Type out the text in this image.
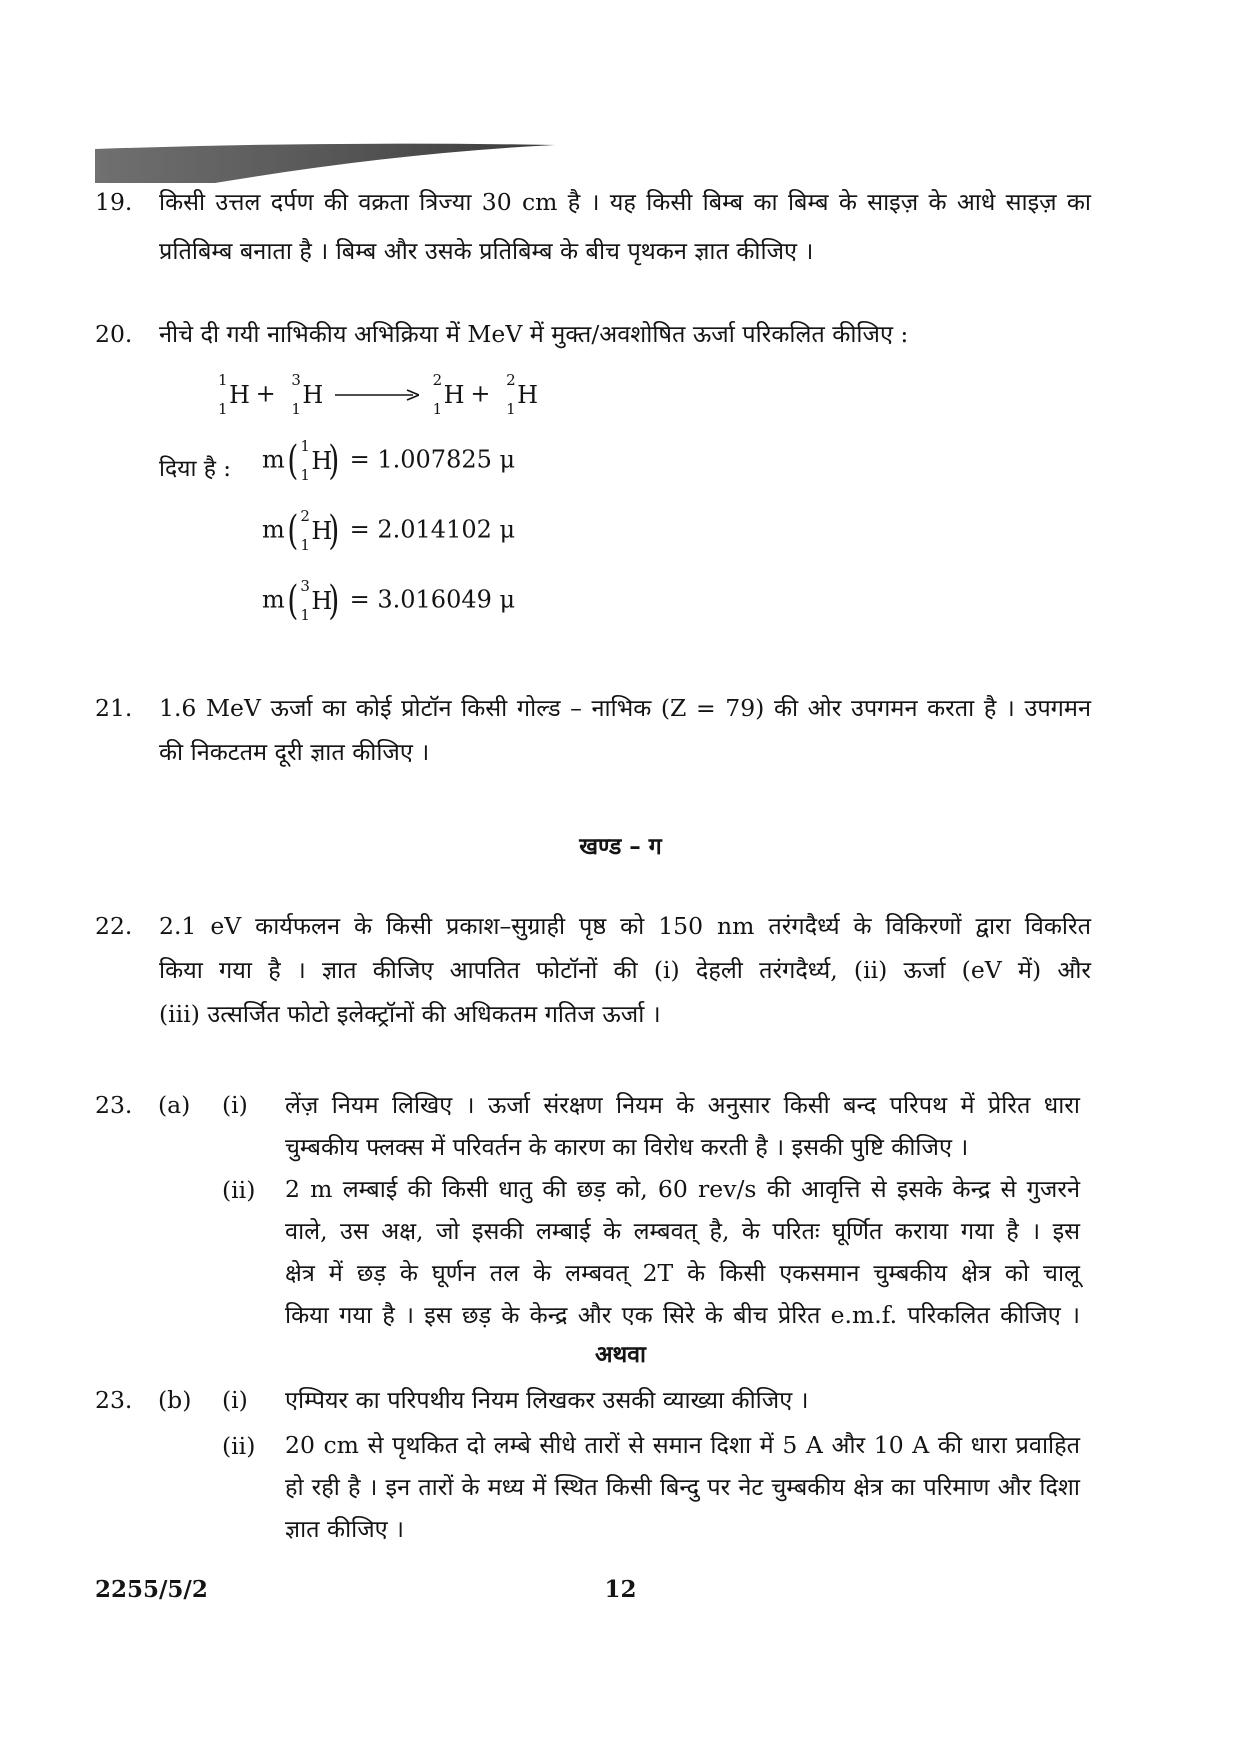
19.	किसी उत्तल दर्पण की वक्रता त्रिज्या 30 cm है । यह किसी बिम्ब का बिम्ब के साइज़ के आधे साइज़ का
प्रतिबिम्ब बनाता है । बिम्ब और उसके प्रतिबिम्ब के बीच पृथकन ज्ञात कीजिए ।
20.	नीचे दी गयी नाभिकीय अभिक्रिया में MeV में मुक्त/अवशोषित ऊर्जा परिकलित कीजिए :
1
1 H + 3
1 H →
2
1 H + 2
1 H
दिया है : m( 1
1 H
) = 1.007825 μ
m( 2
1 H
) = 2.014102 μ
m( 3
1 H
) = 3.016049 μ
21.	1.6 MeV ऊर्जा का कोई प्रोटॉन किसी गोल्ड – नाभिक (Z = 79) की ओर उपगमन करता है । उपगमन
की निकटतम दूरी ज्ञात कीजिए ।
खण्ड – ग
22.	2.1 eV कार्यफलन के किसी प्रकाश–सुग्राही पृष्ठ को 150 nm तरंगदैर्ध्य के विकिरणों द्वारा विकरित
किया गया है । ज्ञात कीजिए आपतित फोटॉनों की (i) देहली तरंगदैर्ध्य, (ii) ऊर्जा (eV में) और
(iii) उत्सर्जित फोटो इलेक्ट्रॉनों की अधिकतम गतिज ऊर्जा ।
23. (a) (i) लेंज़ नियम लिखिए । ऊर्जा संरक्षण नियम के अनुसार किसी बन्द परिपथ में प्रेरित धारा
चुम्बकीय फ्लक्स में परिवर्तन के कारण का विरोध करती है । इसकी पुष्टि कीजिए ।
(ii) 2 m लम्बाई की किसी धातु की छड़ को, 60 rev/s की आवृत्ति से इसके केन्द्र से गुजरने
वाले, उस अक्ष, जो इसकी लम्बाई के लम्बवत् है, के परितः घूर्णित कराया गया है । इस
क्षेत्र में छड़ के घूर्णन तल के लम्बवत् 2T के किसी एकसमान चुम्बकीय क्षेत्र को चालू
किया गया है । इस छड़ के केन्द्र और एक सिरे के बीच प्रेरित e.m.f. परिकलित कीजिए ।
अथवा
23. (b) (i) एम्पियर का परिपथीय नियम लिखकर उसकी व्याख्या कीजिए ।
(ii) 20 cm से पृथकित दो लम्बे सीधे तारों से समान दिशा में 5 A और 10 A की धारा प्रवाहित
हो रही है । इन तारों के मध्य में स्थित किसी बिन्दु पर नेट चुम्बकीय क्षेत्र का परिमाण और दिशा
ज्ञात कीजिए ।
2255/5/2	12
